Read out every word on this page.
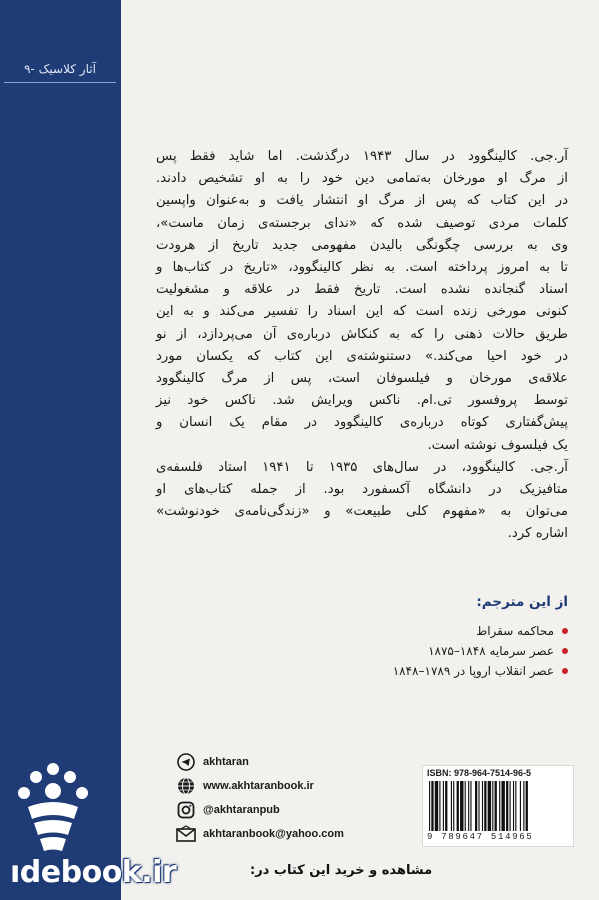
آثار کلاسیک -۹

آر.جی. کالینگوود در سال ۱۹۴۳ درگذشت. اما شاید فقط پس
از مرگ او مورخان به‌تمامی دین خود را به او تشخیص دادند.
در این کتاب که پس از مرگ او انتشار یافت و به‌عنوان واپسین
کلمات مردی توصیف شده که «ندای برجسته‌ی زمان ماست»،
وی به بررسی چگونگی بالیدن مفهومی جدید تاریخ از هرودت
تا به امروز پرداخته است. به نظر کالینگوود، «تاریخ در کتاب‌ها و
اسناد گنجانده نشده است. تاریخ فقط در علاقه و مشغولیت
کنونی مورخی زنده است که این اسناد را تفسیر می‌کند و به این
طریق حالات ذهنی را که به کنکاش درباره‌ی آن می‌پردازد، از نو
در خود احیا می‌کند.» دستنوشته‌ی این کتاب که یکسان مورد
علاقه‌ی مورخان و فیلسوفان است، پس از مرگ کالینگوود
توسط پروفسور تی.ام. ناکس ویرایش شد. ناکس خود نیز
پیش‌گفتاری کوتاه درباره‌ی کالینگوود در مقام یک انسان و
یک فیلسوف نوشته است.

آر.جی. کالینگوود، در سال‌های ۱۹۳۵ تا ۱۹۴۱ استاد فلسفه‌ی
متافیزیک در دانشگاه آکسفورد بود. از جمله کتاب‌های او
می‌توان به «مفهوم کلی طبیعت» و «زندگی‌نامه‌ی خودنوشت»
اشاره کرد.

از این مترجم:
محاکمه سقراط
عصر سرمایه ۱۸۴۸–۱۸۷۵
عصر انقلاب اروپا در ۱۷۸۹–۱۸۴۸
akhtaran
www.akhtaranbook.ir
@akhtaranpub
akhtaranbook@yahoo.com
ISBN: 978-964-7514-96-5
9 789647 514965
ıdebook.ir	مشاهده و خرید این کتاب در:
